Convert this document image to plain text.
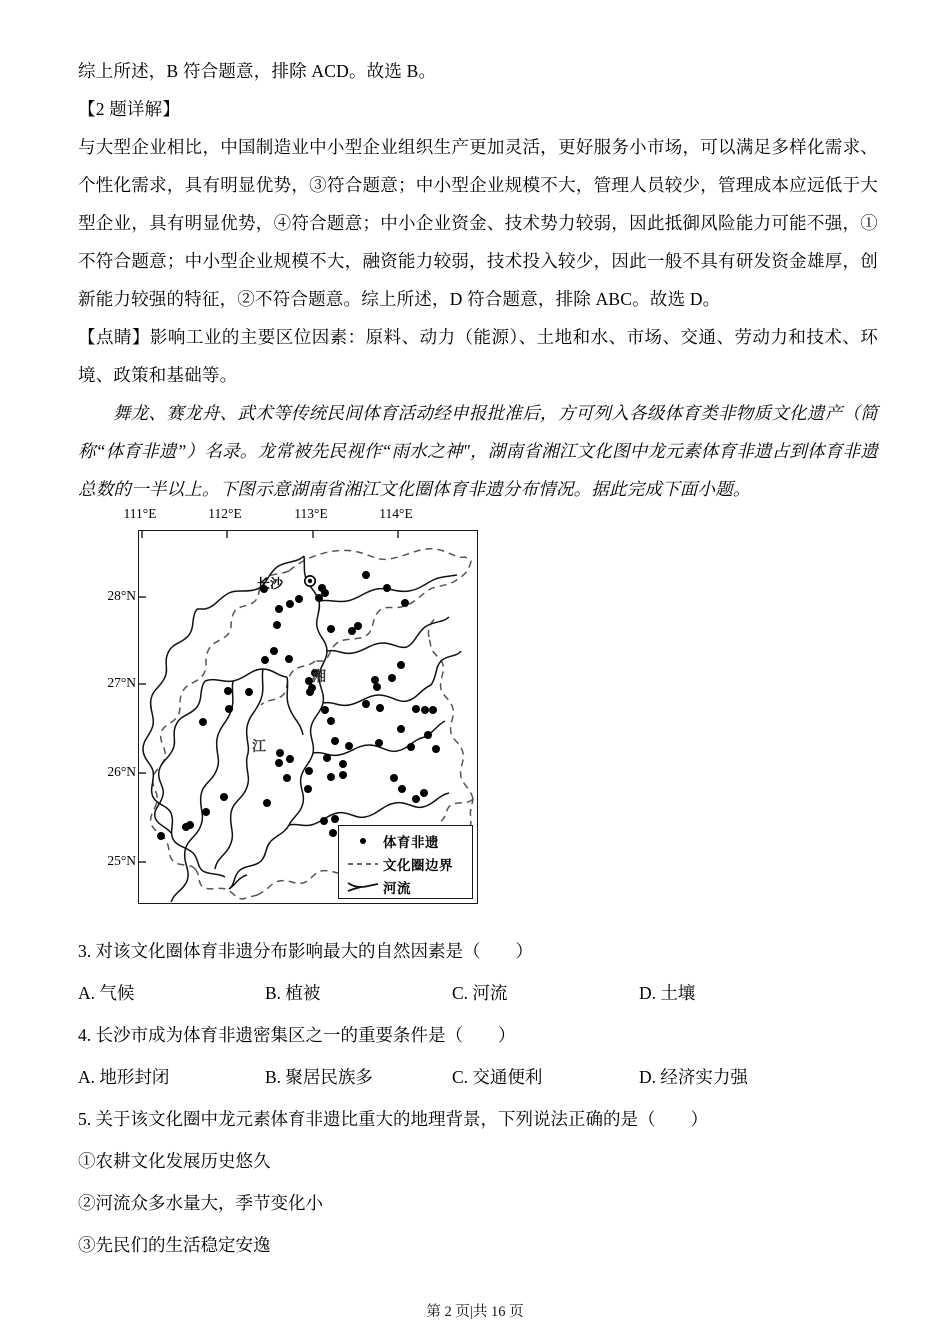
综上所述，B 符合题意，排除 ACD。故选 B。

【2 题详解】

与大型企业相比，中国制造业中小型企业组织生产更加灵活，更好服务小市场，可以满足多样化需求、个性化需求，具有明显优势，③符合题意；中小型企业规模不大，管理人员较少，管理成本应远低于大型企业，具有明显优势，④符合题意；中小企业资金、技术势力较弱，因此抵御风险能力可能不强，①不符合题意；中小型企业规模不大，融资能力较弱，技术投入较少，因此一般不具有研发资金雄厚，创新能力较强的特征，②不符合题意。综上所述，D 符合题意，排除 ABC。故选 D。

【点睛】影响工业的主要区位因素：原料、动力（能源）、土地和水、市场、交通、劳动力和技术、环境、政策和基础等。

舞龙、赛龙舟、武术等传统民间体育活动经申报批准后，方可列入各级体育类非物质文化遗产（简称“体育非遗”）名录。龙常被先民视作“雨水之神"，湖南省湘江文化图中龙元素体育非遗占到体育非遗总数的一半以上。下图示意湖南省湘江文化圈体育非遗分布情况。据此完成下面小题。

111°E	112°E	113°E	114°E
28°N
27°N
26°N
25°N
长沙
湘
江
体育非遗
文化圈边界
河流

3. 对该文化圈体育非遗分布影响最大的自然因素是（　　）

A. 气候	B. 植被	C. 河流	D. 土壤

4. 长沙市成为体育非遗密集区之一的重要条件是（　　）

A. 地形封闭	B. 聚居民族多	C. 交通便利	D. 经济实力强

5. 关于该文化圈中龙元素体育非遗比重大的地理背景，下列说法正确的是（　　）

①农耕文化发展历史悠久

②河流众多水量大，季节变化小

③先民们的生活稳定安逸

第 2 页|共 16 页
